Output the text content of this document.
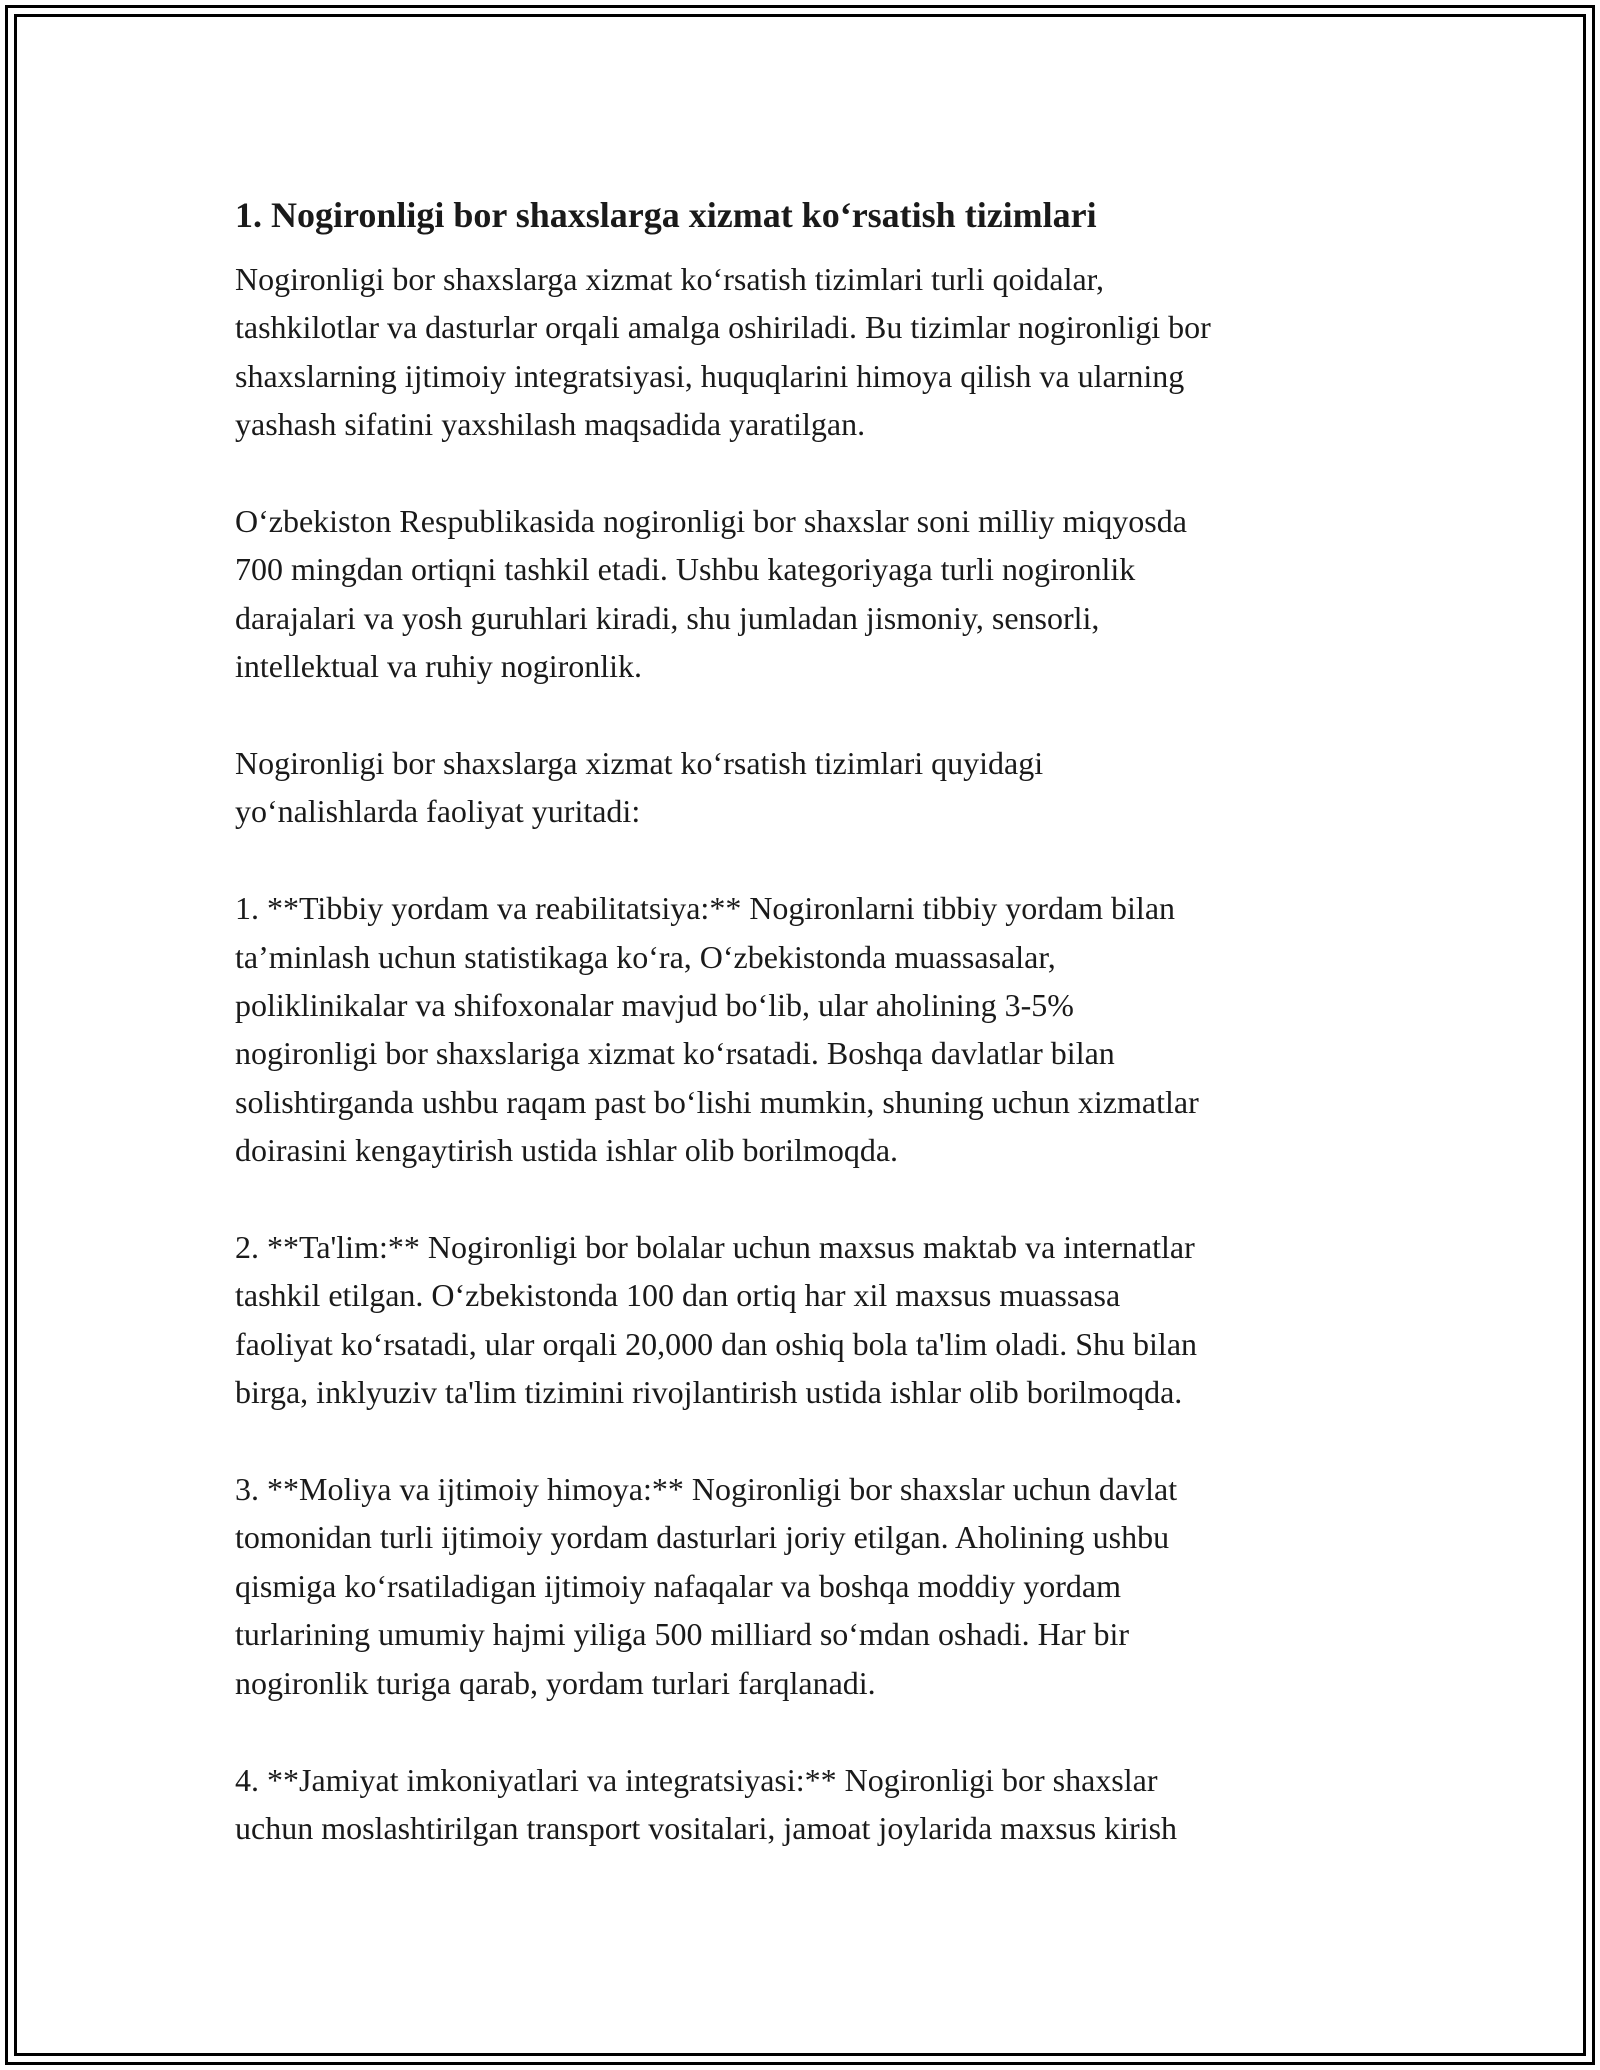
1. Nogironligi bor shaxslarga xizmat ko‘rsatish tizimlari

Nogironligi bor shaxslarga xizmat ko‘rsatish tizimlari turli qoidalar,
tashkilotlar va dasturlar orqali amalga oshiriladi. Bu tizimlar nogironligi bor
shaxslarning ijtimoiy integratsiyasi, huquqlarini himoya qilish va ularning
yashash sifatini yaxshilash maqsadida yaratilgan.

O‘zbekiston Respublikasida nogironligi bor shaxslar soni milliy miqyosda
700 mingdan ortiqni tashkil etadi. Ushbu kategoriyaga turli nogironlik
darajalari va yosh guruhlari kiradi, shu jumladan jismoniy, sensorli,
intellektual va ruhiy nogironlik.

Nogironligi bor shaxslarga xizmat ko‘rsatish tizimlari quyidagi
yo‘nalishlarda faoliyat yuritadi:

1. **Tibbiy yordam va reabilitatsiya:** Nogironlarni tibbiy yordam bilan
ta’minlash uchun statistikaga ko‘ra, O‘zbekistonda muassasalar,
poliklinikalar va shifoxonalar mavjud bo‘lib, ular aholining 3-5%
nogironligi bor shaxslariga xizmat ko‘rsatadi. Boshqa davlatlar bilan
solishtirganda ushbu raqam past bo‘lishi mumkin, shuning uchun xizmatlar
doirasini kengaytirish ustida ishlar olib borilmoqda.

2. **Ta'lim:** Nogironligi bor bolalar uchun maxsus maktab va internatlar
tashkil etilgan. O‘zbekistonda 100 dan ortiq har xil maxsus muassasa
faoliyat ko‘rsatadi, ular orqali 20,000 dan oshiq bola ta'lim oladi. Shu bilan
birga, inklyuziv ta'lim tizimini rivojlantirish ustida ishlar olib borilmoqda.

3. **Moliya va ijtimoiy himoya:** Nogironligi bor shaxslar uchun davlat
tomonidan turli ijtimoiy yordam dasturlari joriy etilgan. Aholining ushbu
qismiga ko‘rsatiladigan ijtimoiy nafaqalar va boshqa moddiy yordam
turlarining umumiy hajmi yiliga 500 milliard so‘mdan oshadi. Har bir
nogironlik turiga qarab, yordam turlari farqlanadi.

4. **Jamiyat imkoniyatlari va integratsiyasi:** Nogironligi bor shaxslar
uchun moslashtirilgan transport vositalari, jamoat joylarida maxsus kirish
